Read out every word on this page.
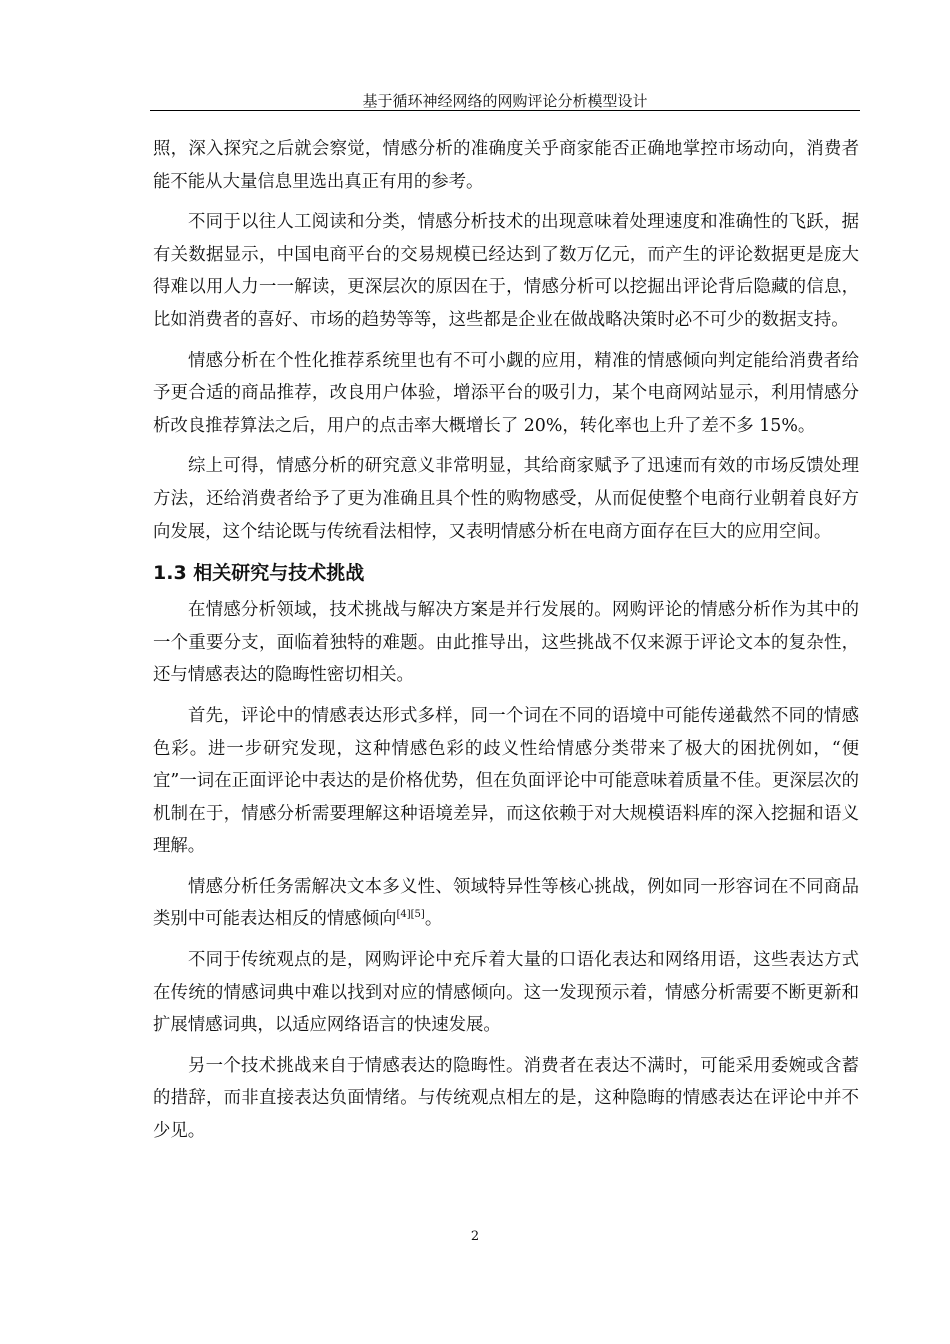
基于循环神经网络的网购评论分析模型设计

照，深入探究之后就会察觉，情感分析的准确度关乎商家能否正确地掌控市场动向，消费者能不能从大量信息里选出真正有用的参考。

不同于以往人工阅读和分类，情感分析技术的出现意味着处理速度和准确性的飞跃，据有关数据显示，中国电商平台的交易规模已经达到了数万亿元，而产生的评论数据更是庞大得难以用人力一一解读，更深层次的原因在于，情感分析可以挖掘出评论背后隐藏的信息，比如消费者的喜好、市场的趋势等等，这些都是企业在做战略决策时必不可少的数据支持。

情感分析在个性化推荐系统里也有不可小觑的应用，精准的情感倾向判定能给消费者给予更合适的商品推荐，改良用户体验，增添平台的吸引力，某个电商网站显示，利用情感分析改良推荐算法之后，用户的点击率大概增长了 20%，转化率也上升了差不多 15%。

综上可得，情感分析的研究意义非常明显，其给商家赋予了迅速而有效的市场反馈处理方法，还给消费者给予了更为准确且具个性的购物感受，从而促使整个电商行业朝着良好方向发展，这个结论既与传统看法相悖，又表明情感分析在电商方面存在巨大的应用空间。

1.3 相关研究与技术挑战

在情感分析领域，技术挑战与解决方案是并行发展的。网购评论的情感分析作为其中的一个重要分支，面临着独特的难题。由此推导出，这些挑战不仅来源于评论文本的复杂性，还与情感表达的隐晦性密切相关。

首先，评论中的情感表达形式多样，同一个词在不同的语境中可能传递截然不同的情感色彩。进一步研究发现，这种情感色彩的歧义性给情感分类带来了极大的困扰例如，“便宜”一词在正面评论中表达的是价格优势，但在负面评论中可能意味着质量不佳。更深层次的机制在于，情感分析需要理解这种语境差异，而这依赖于对大规模语料库的深入挖掘和语义理解。

情感分析任务需解决文本多义性、领域特异性等核心挑战，例如同一形容词在不同商品类别中可能表达相反的情感倾向[4][5]。

不同于传统观点的是，网购评论中充斥着大量的口语化表达和网络用语，这些表达方式在传统的情感词典中难以找到对应的情感倾向。这一发现预示着，情感分析需要不断更新和扩展情感词典，以适应网络语言的快速发展。

另一个技术挑战来自于情感表达的隐晦性。消费者在表达不满时，可能采用委婉或含蓄的措辞，而非直接表达负面情绪。与传统观点相左的是，这种隐晦的情感表达在评论中并不少见。

2
